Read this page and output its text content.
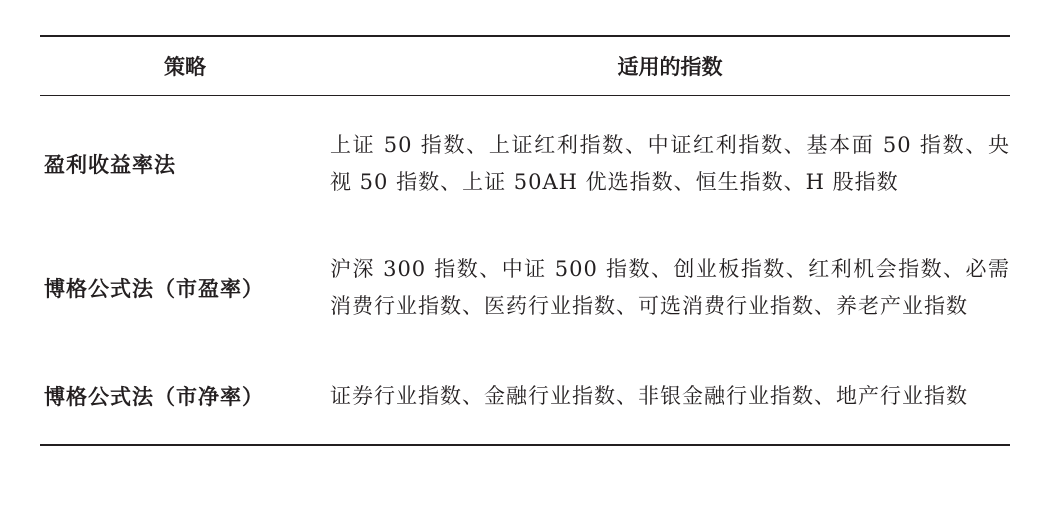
策略	适用的指数
盈利收益率法
上证 50 指数、上证红利指数、中证红利指数、基本面 50 指数、央视 50 指数、上证 50AH 优选指数、恒生指数、H 股指数
博格公式法（市盈率）
沪深 300 指数、中证 500 指数、创业板指数、红利机会指数、必需消费行业指数、医药行业指数、可选消费行业指数、养老产业指数
博格公式法（市净率）	证券行业指数、金融行业指数、非银金融行业指数、地产行业指数
